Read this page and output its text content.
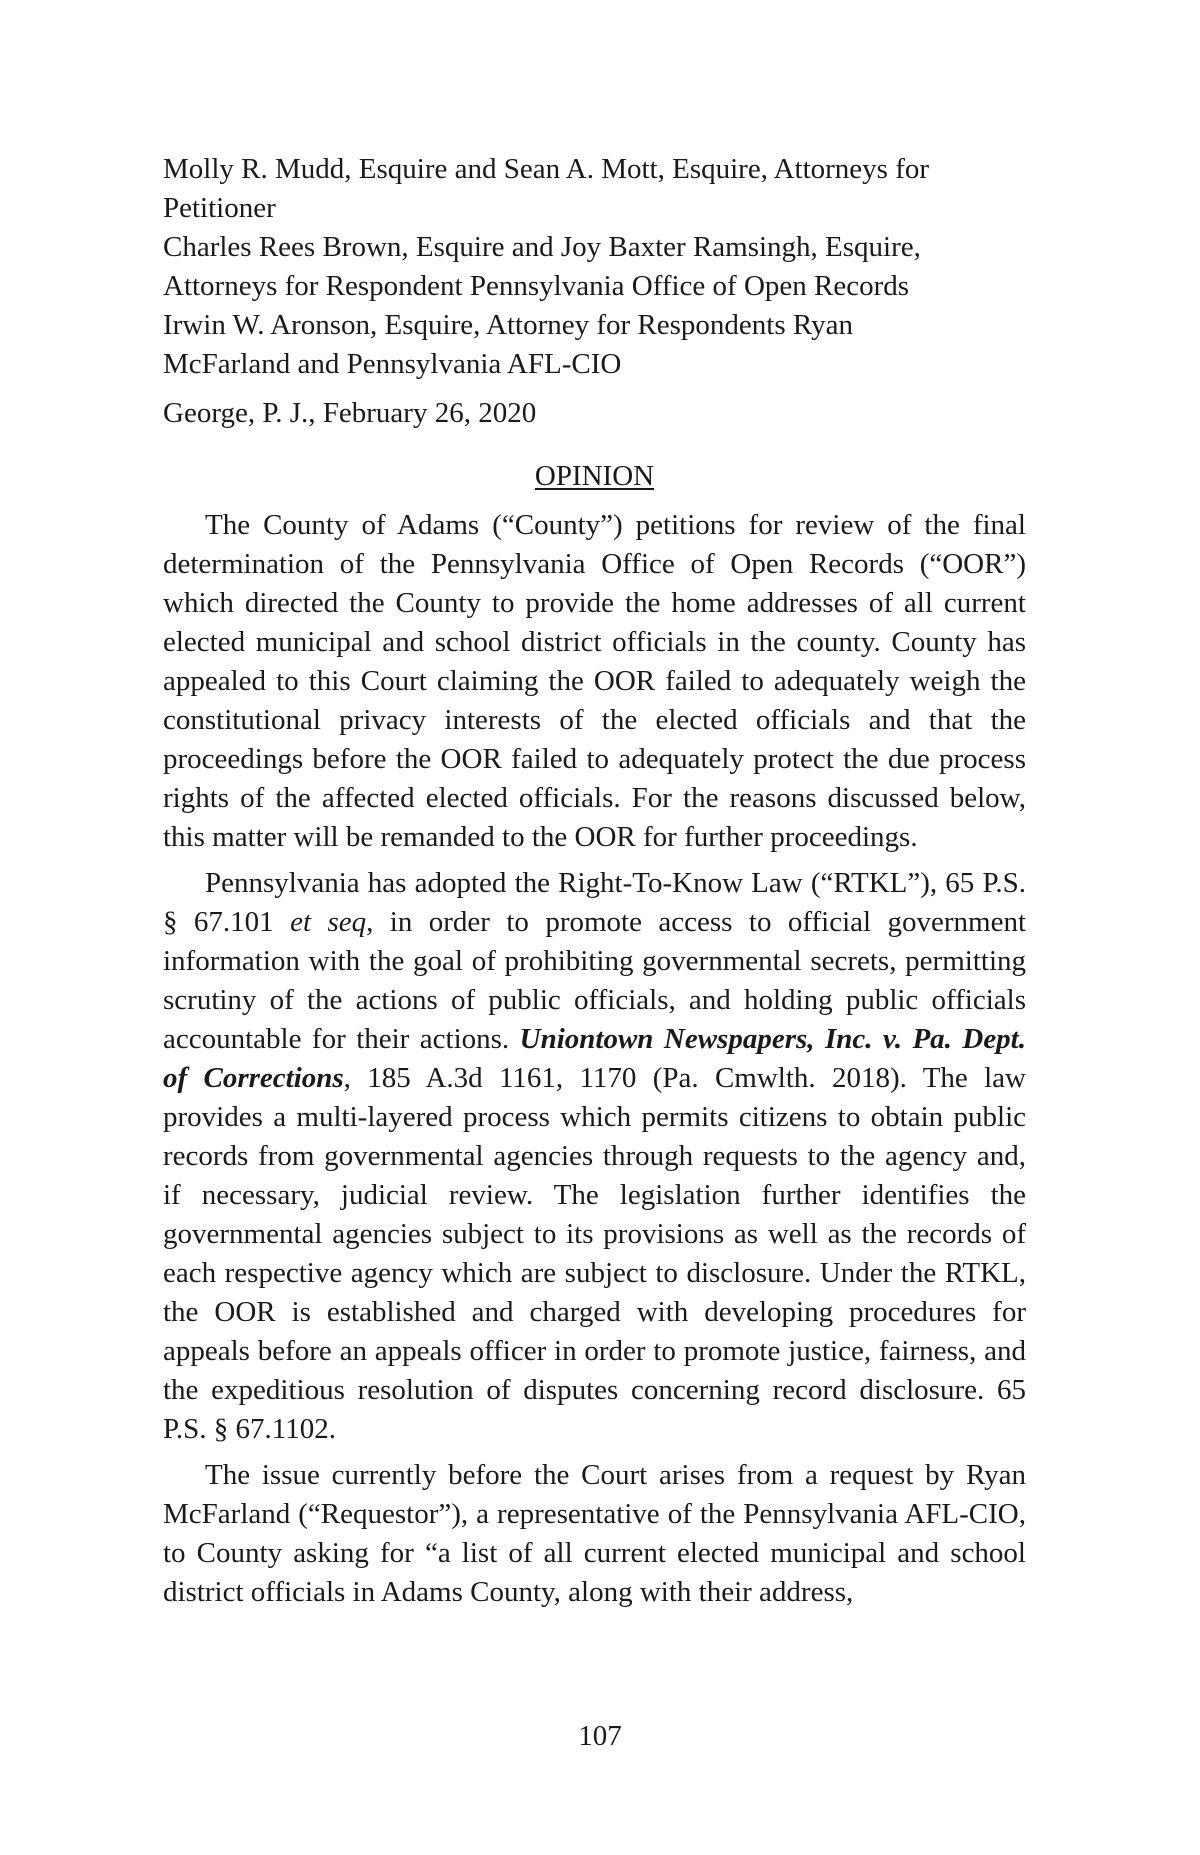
Molly R. Mudd, Esquire and Sean A. Mott, Esquire, Attorneys for

Petitioner

Charles Rees Brown, Esquire and Joy Baxter Ramsingh, Esquire,

Attorneys for Respondent Pennsylvania Office of Open Records

Irwin W. Aronson, Esquire, Attorney for Respondents Ryan

McFarland and Pennsylvania AFL-CIO

George, P. J., February 26, 2020

OPINION

The County of Adams (“County”) petitions for review of the final determination of the Pennsylvania Office of Open Records (“OOR”) which directed the County to provide the home addresses of all current elected municipal and school district officials in the county. County has appealed to this Court claiming the OOR failed to adequately weigh the constitutional privacy interests of the elected officials and that the proceedings before the OOR failed to adequately protect the due process rights of the affected elected officials. For the reasons discussed below, this matter will be remanded to the OOR for further proceedings.

Pennsylvania has adopted the Right-To-Know Law (“RTKL”), 65 P.S. § 67.101 et seq, in order to promote access to official government information with the goal of prohibiting governmental secrets, permitting scrutiny of the actions of public officials, and holding public officials accountable for their actions. Uniontown Newspapers, Inc. v. Pa. Dept. of Corrections, 185 A.3d 1161, 1170 (Pa. Cmwlth. 2018). The law provides a multi-layered process which permits citizens to obtain public records from governmental agencies through requests to the agency and, if necessary, judicial review. The legislation further identifies the governmental agencies subject to its provisions as well as the records of each respective agency which are subject to disclosure. Under the RTKL, the OOR is established and charged with developing procedures for appeals before an appeals officer in order to promote justice, fairness, and the expeditious resolution of disputes concerning record disclosure. 65 P.S. § 67.1102.

The issue currently before the Court arises from a request by Ryan McFarland (“Requestor”), a representative of the Pennsylvania AFL-CIO, to County asking for “a list of all current elected municipal and school district officials in Adams County, along with their address,

107
